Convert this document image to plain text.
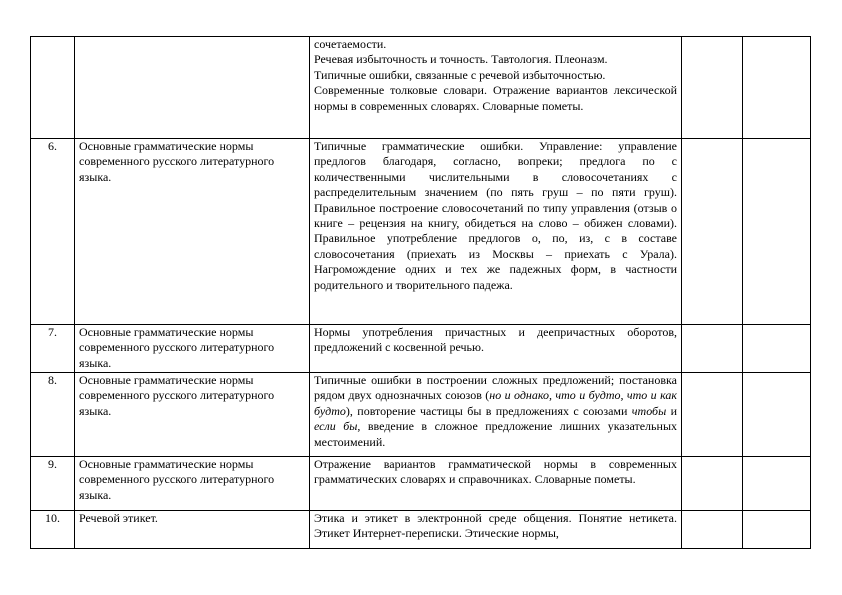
		сочетаемости.

Речевая избыточность и точность. Тавтология. Плеоназм.

Типичные ошибки, связанные с речевой избыточностью.

Современные толковые словари. Отражение вариантов лексической нормы в современных словарях. Словарные пометы.		

6.	Основные грамматические нормы современного русского литературного языка.	Типичные грамматические ошибки. Управление: управление предлогов благодаря, согласно, вопреки; предлога по с количественными числительными в словосочетаниях с распределительным значением (по пять груш – по пяти груш). Правильное построение словосочетаний по типу управления (отзыв о книге – рецензия на книгу, обидеться на слово – обижен словами). Правильное употребление предлогов о, по, из, с в составе словосочетания (приехать из Москвы – приехать с Урала). Нагромождение одних и тех же падежных форм, в частности родительного и творительного падежа.		

7.	Основные грамматические нормы современного русского литературного языка.	Нормы употребления причастных и деепричастных оборотов, предложений с косвенной речью.		

8.	Основные грамматические нормы современного русского литературного языка.	Типичные ошибки в построении сложных предложений; постановка рядом двух однозначных союзов (но и однако, что и будто, что и как будто), повторение частицы бы в предложениях с союзами чтобы и если бы, введение в сложное предложение лишних указательных местоимений.		

9.	Основные грамматические нормы современного русского литературного языка.	Отражение вариантов грамматической нормы в современных грамматических словарях и справочниках. Словарные пометы.		

10.	Речевой этикет.	Этика и этикет в электронной среде общения. Понятие нетикета. Этикет Интернет-переписки. Этические нормы,		
